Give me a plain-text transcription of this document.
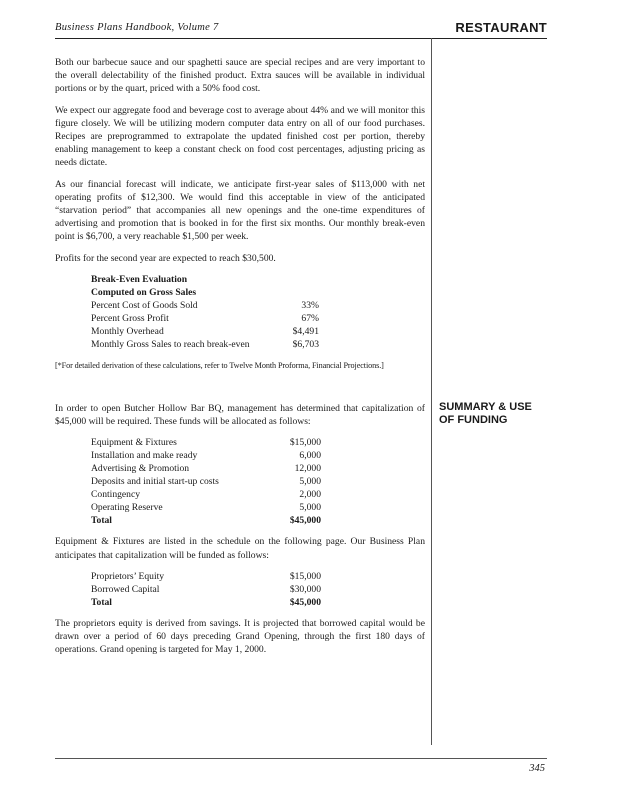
Business Plans Handbook, Volume 7	RESTAURANT

Both our barbecue sauce and our spaghetti sauce are special recipes and are very important to the overall delectability of the finished product. Extra sauces will be available in individual portions or by the quart, priced with a 50% food cost.

We expect our aggregate food and beverage cost to average about 44% and we will monitor this figure closely. We will be utilizing modern computer data entry on all of our food purchases. Recipes are preprogrammed to extrapolate the updated finished cost per portion, thereby enabling management to keep a constant check on food cost percentages, adjusting pricing as needs dictate.

As our financial forecast will indicate, we anticipate first-year sales of $113,000 with net operating profits of $12,300. We would find this acceptable in view of the anticipated “starvation period” that accompanies all new openings and the one-time expenditures of advertising and promotion that is booked in for the first six months. Our monthly break-even point is $6,700, a very reachable $1,500 per week.

Profits for the second year are expected to reach $30,500.

Break-Even Evaluation	
Computed on Gross Sales	
Percent Cost of Goods Sold	33%
Percent Gross Profit	67%
Monthly Overhead	$4,491
Monthly Gross Sales to reach break-even	$6,703

[*For detailed derivation of these calculations, refer to Twelve Month Proforma, Financial Projections.]

SUMMARY & USE
OF FUNDING

In order to open Butcher Hollow Bar BQ, management has determined that capitalization of $45,000 will be required. These funds will be allocated as follows:

Equipment & Fixtures	$15,000
Installation and make ready	6,000
Advertising & Promotion	12,000
Deposits and initial start-up costs	5,000
Contingency	2,000
Operating Reserve	5,000
Total	$45,000

Equipment & Fixtures are listed in the schedule on the following page. Our Business Plan anticipates that capitalization will be funded as follows:

Proprietors’ Equity	$15,000
Borrowed Capital	$30,000
Total	$45,000

The proprietors equity is derived from savings. It is projected that borrowed capital would be drawn over a period of 60 days preceding Grand Opening, through the first 180 days of operations. Grand opening is targeted for May 1, 2000.

345
